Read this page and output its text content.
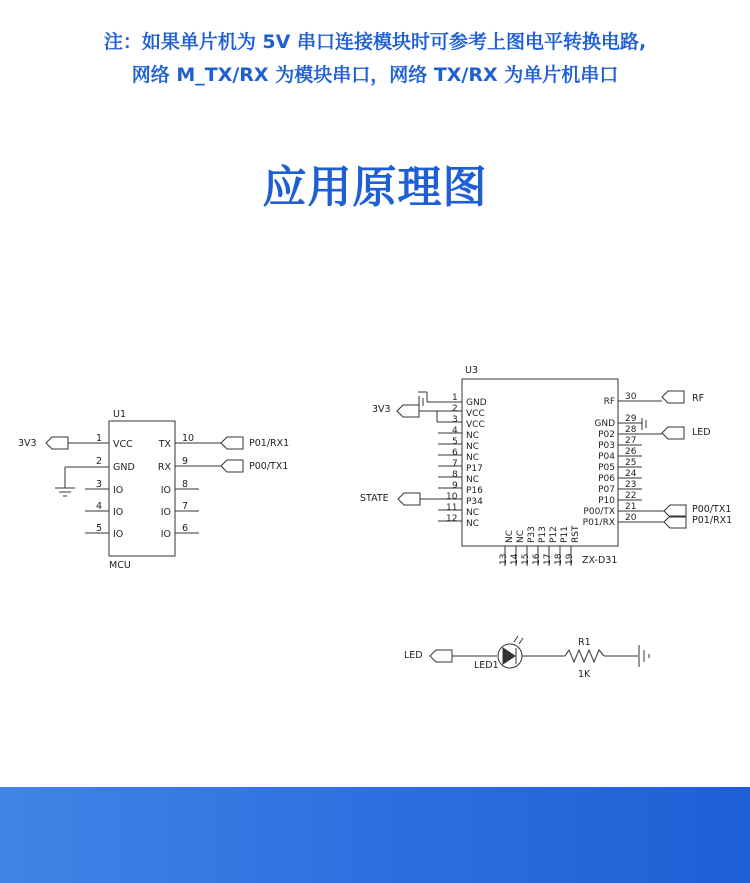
注：如果单片机为 5V 串口连接模块时可参考上图电平转换电路,
网络 M_TX/RX 为模块串口，网络 TX/RX 为单片机串口
应用原理图
U1
MCU
3V3	1
2
3
4
5
VCC
GND
IO
IO
IO
10
9
8
7
6
TX
RX
IO
IO
IO
P01/RX1
P00/TX1
U3
ZX-D31
3V3
STATE
RF
LED
P00/TX1
P01/RX1
1
2
3
4
5
6
7
8
9
10
11
12
GND
VCC
VCC
NC
NC
NC
P17
NC
P16
P34
NC
NC
30
29
28
27
26
25
24
23
22
21
20
RF
GND
P02
P03
P04
P05
P06
P07
P10
P00/TX
P01/RX
13 14 15 16 17 18 19
NC NC P33 P13 P12 P11 RST
LED
LED1
R1
1K
